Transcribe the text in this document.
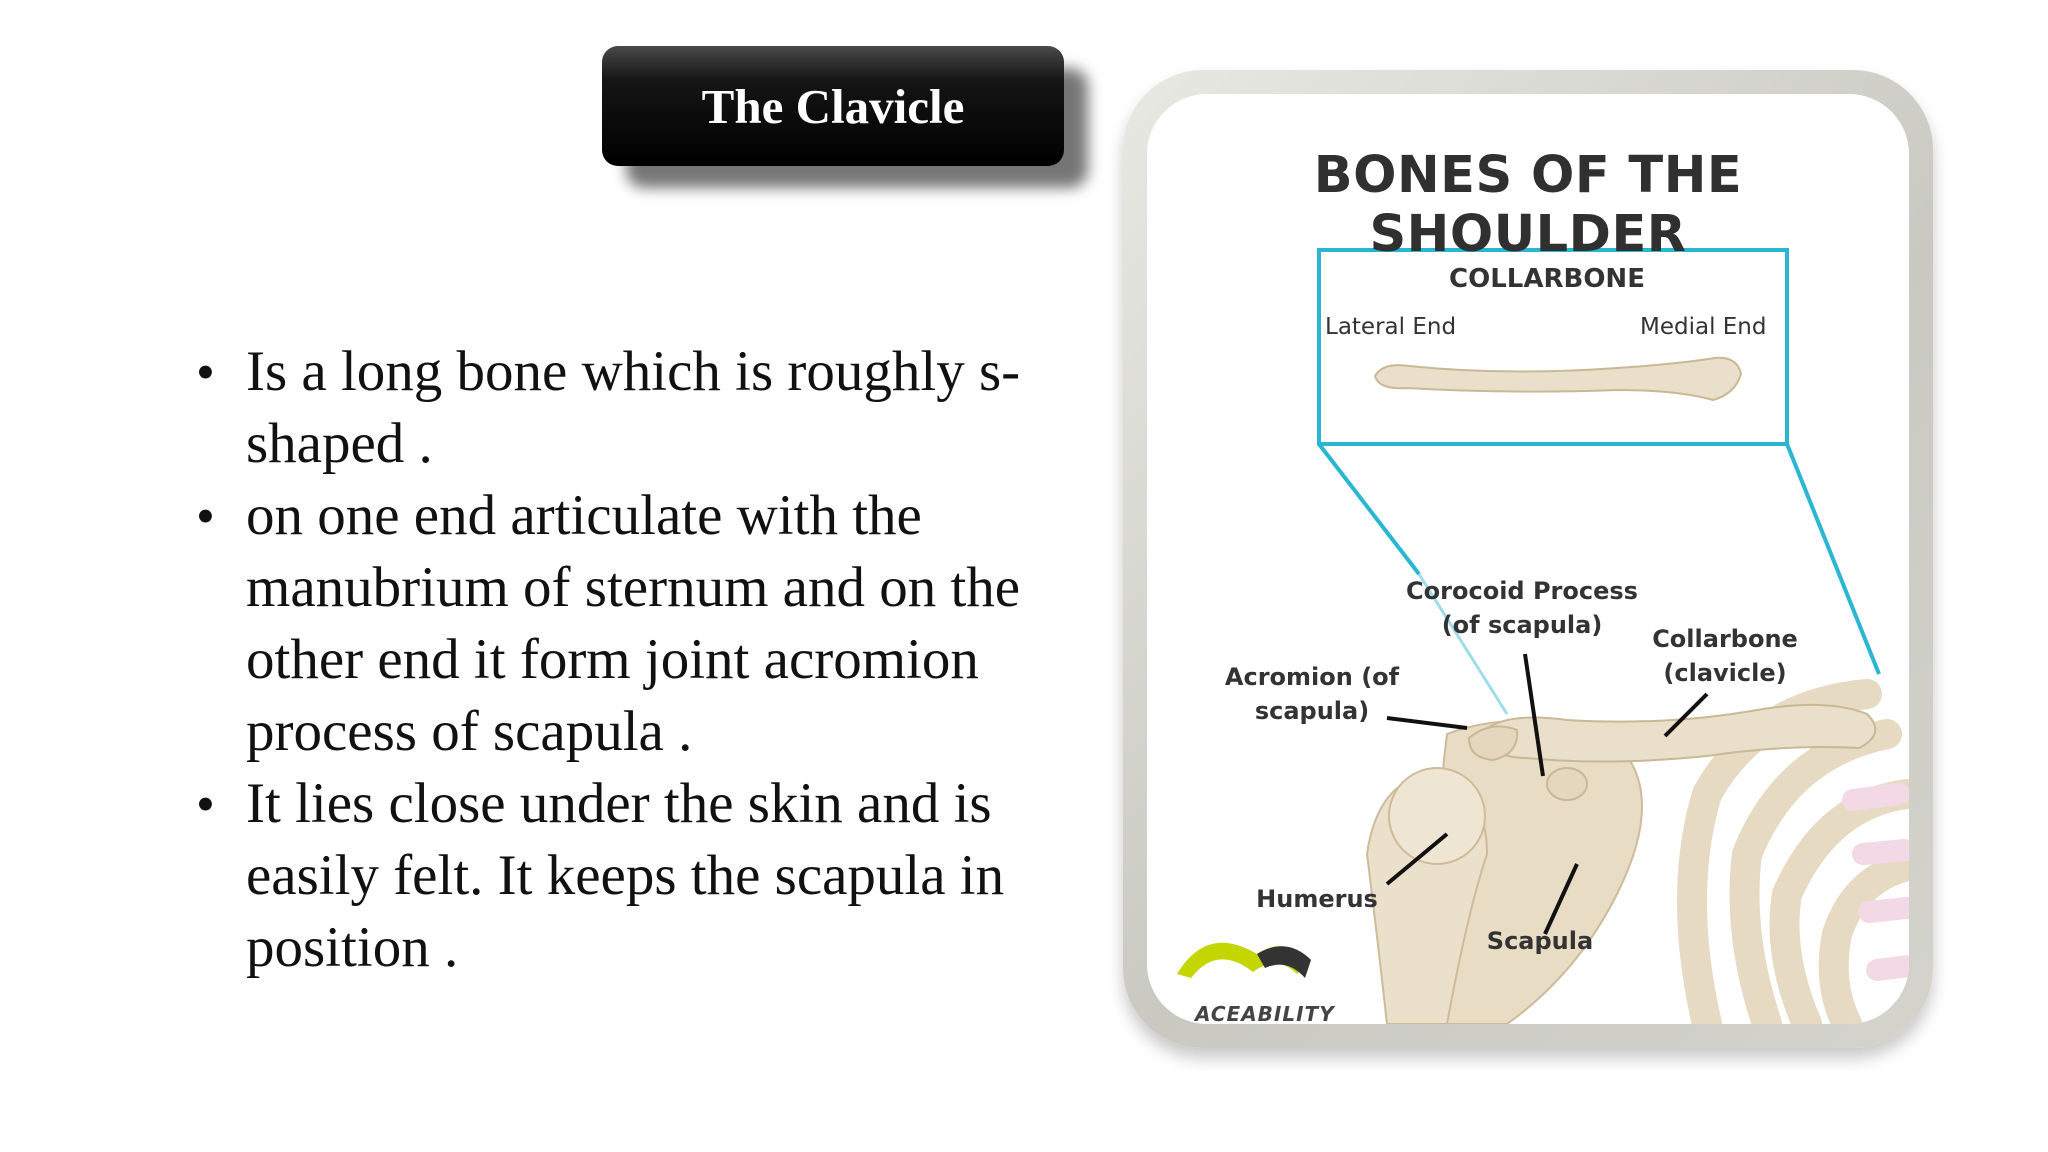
The Clavicle
• Is a long bone which is roughly s-shaped .
• on one end articulate with the manubrium of sternum and on the other end it form joint acromion process of scapula .
• It lies close under the skin and is easily felt. It keeps the scapula in position .
BONES OF THE SHOULDER
COLLARBONE
Lateral End	Medial End
Corocoid Process (of scapula)	Collarbone (clavicle)
Acromion (of scapula)
Humerus
Scapula
ACEABILITY
